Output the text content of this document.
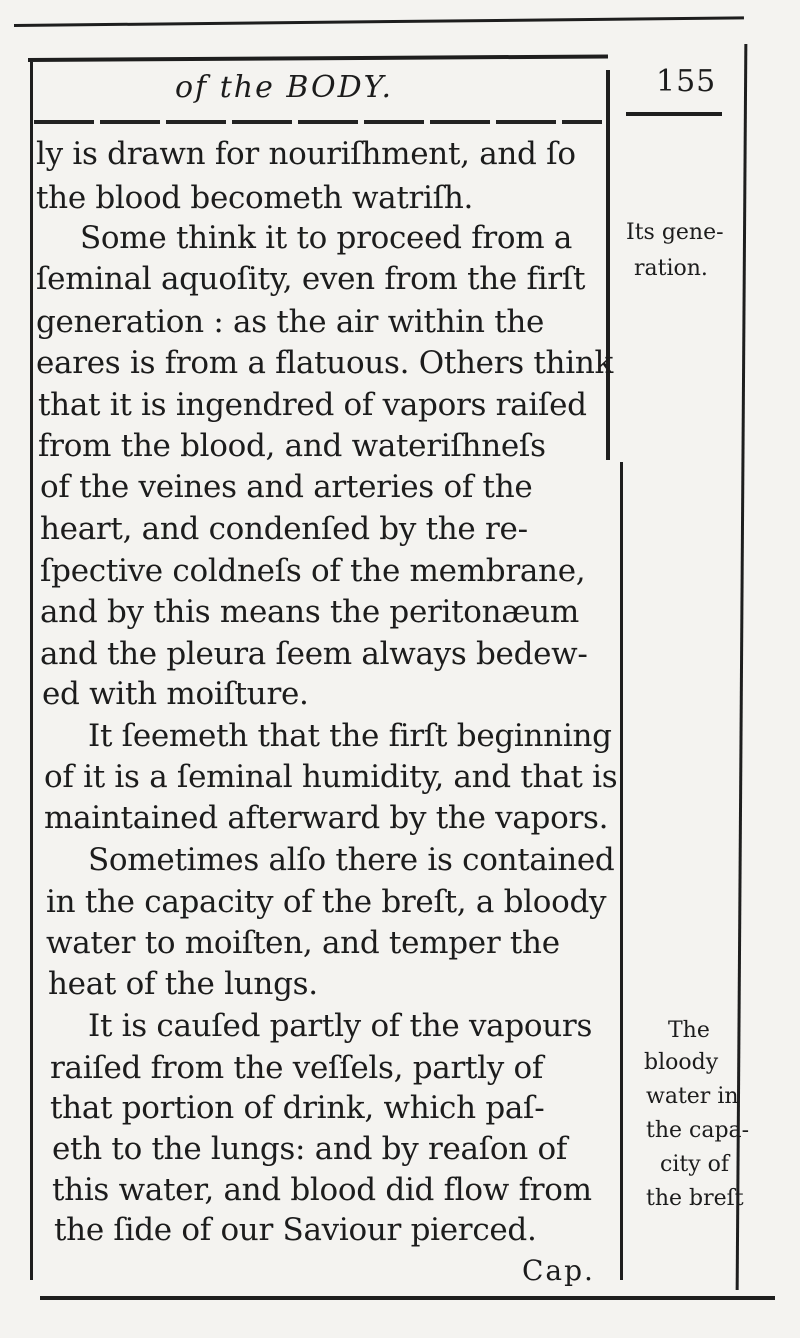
of the BODY.	155
ly is drawn for nouriſhment, and ſo
the blood becometh watriſh.
Some think it to proceed from a
ſeminal aquoſity, even from the firſt
generation : as the air within the
eares is from a flatuous. Others think
that it is ingendred of vapors raiſed
from the blood, and wateriſhneſs
of the veines and arteries of the
heart, and condenſed by the re-
ſpective coldneſs of the membrane,
and by this means the peritonæum
and the pleura ſeem always bedew-
ed with moiſture.
It ſeemeth that the firſt beginning
of it is a ſeminal humidity, and that is
maintained afterward by the vapors.
Sometimes alſo there is contained
in the capacity of the breſt, a bloody
water to moiſten, and temper the
heat of the lungs.
It is cauſed partly of the vapours
raiſed from the veſſels, partly of
that portion of drink, which paſ-
eth to the lungs: and by reaſon of
this water, and blood did flow from
the ſide of our Saviour pierced.
Cap.
Its gene-
ration.
The
bloody
water in
the capa-
city of
the breſt
